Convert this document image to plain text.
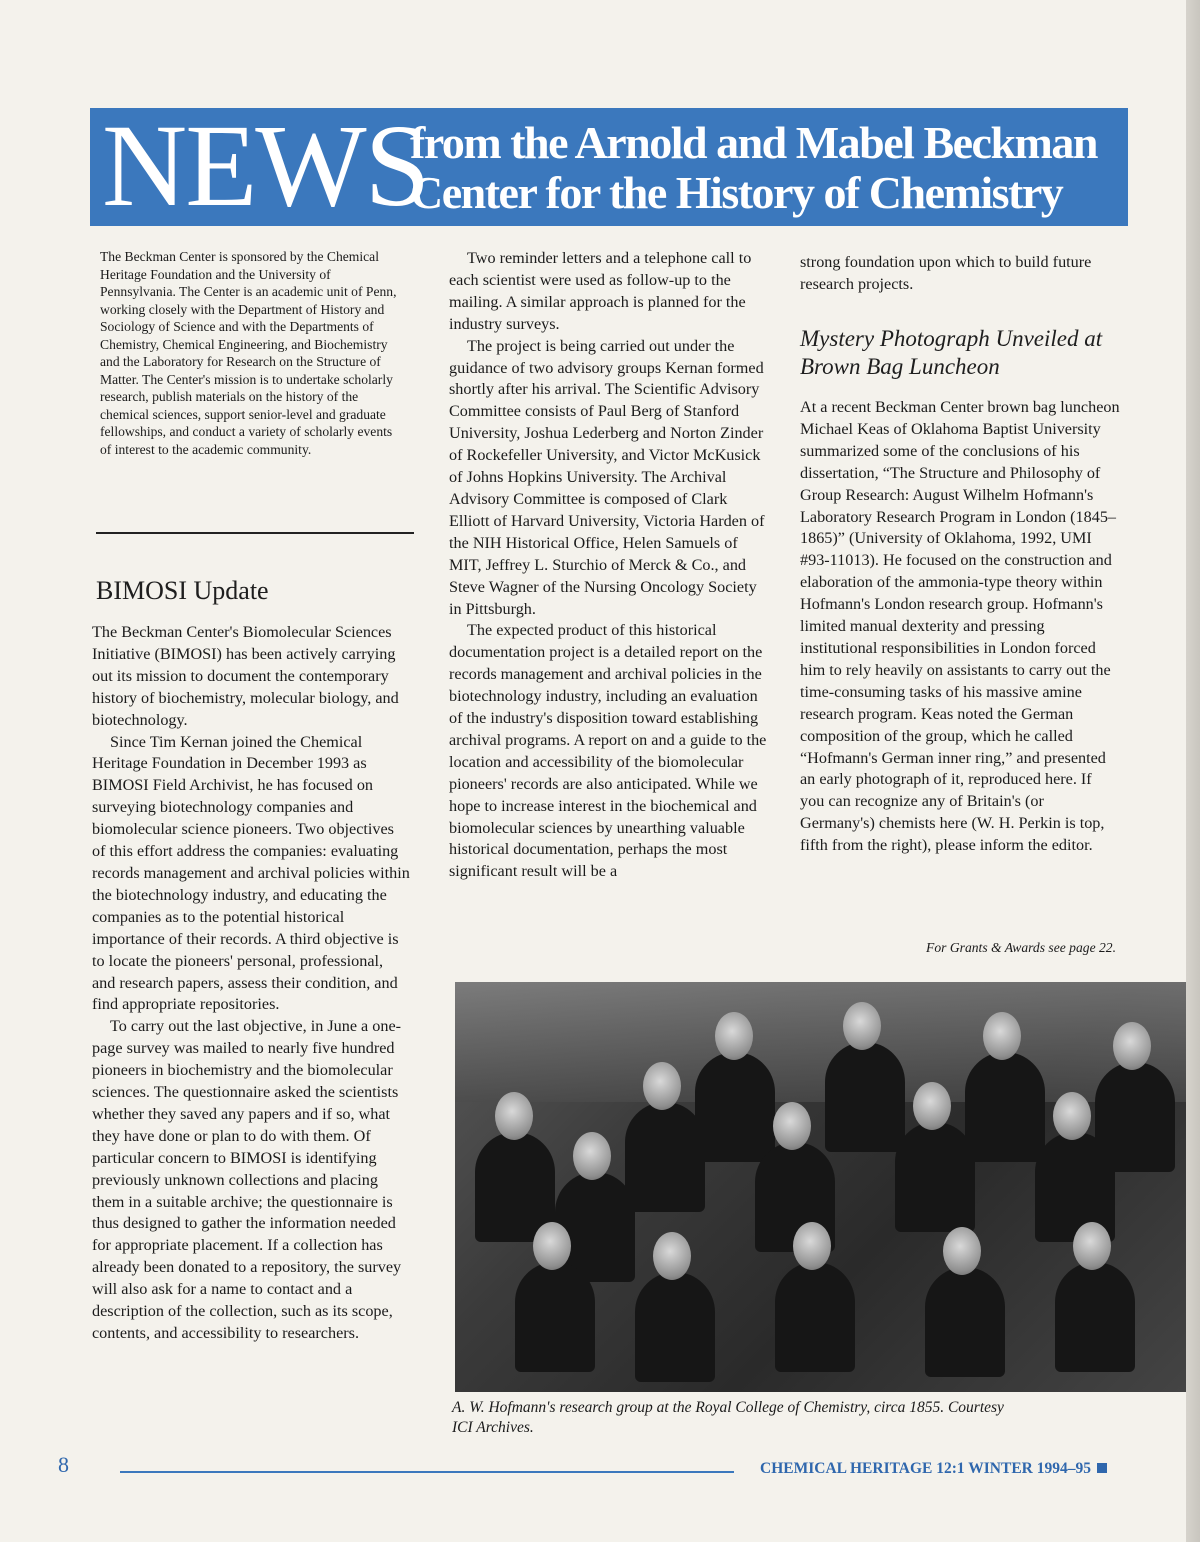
NEWS
from the Arnold and Mabel Beckman
Center for the History of Chemistry

The Beckman Center is sponsored by the Chemical Heritage Foundation and the University of Pennsylvania. The Center is an academic unit of Penn, working closely with the Department of History and Sociology of Science and with the Departments of Chemistry, Chemical Engineering, and Biochemistry and the Laboratory for Research on the Structure of Matter. The Center's mission is to undertake scholarly research, publish materials on the history of the chemical sciences, support senior-level and graduate fellowships, and conduct a variety of scholarly events of interest to the academic community.

BIMOSI Update

The Beckman Center's Biomolecular Sciences Initiative (BIMOSI) has been actively carrying out its mission to document the contemporary history of biochemistry, molecular biology, and biotechnology.

Since Tim Kernan joined the Chemical Heritage Foundation in December 1993 as BIMOSI Field Archivist, he has focused on surveying biotechnology companies and biomolecular science pioneers. Two objectives of this effort address the companies: evaluating records management and archival policies within the biotechnology industry, and educating the companies as to the potential historical importance of their records. A third objective is to locate the pioneers' personal, professional, and research papers, assess their condition, and find appropriate repositories.

To carry out the last objective, in June a one-page survey was mailed to nearly five hundred pioneers in biochemistry and the biomolecular sciences. The questionnaire asked the scientists whether they saved any papers and if so, what they have done or plan to do with them. Of particular concern to BIMOSI is identifying previously unknown collections and placing them in a suitable archive; the questionnaire is thus designed to gather the information needed for appropriate placement. If a collection has already been donated to a repository, the survey will also ask for a name to contact and a description of the collection, such as its scope, contents, and accessibility to researchers.

Two reminder letters and a telephone call to each scientist were used as follow-up to the mailing. A similar approach is planned for the industry surveys.

The project is being carried out under the guidance of two advisory groups Kernan formed shortly after his arrival. The Scientific Advisory Committee consists of Paul Berg of Stanford University, Joshua Lederberg and Norton Zinder of Rockefeller University, and Victor McKusick of Johns Hopkins University. The Archival Advisory Committee is composed of Clark Elliott of Harvard University, Victoria Harden of the NIH Historical Office, Helen Samuels of MIT, Jeffrey L. Sturchio of Merck & Co., and Steve Wagner of the Nursing Oncology Society in Pittsburgh.

The expected product of this historical documentation project is a detailed report on the records management and archival policies in the biotechnology industry, including an evaluation of the industry's disposition toward establishing archival programs. A report on and a guide to the location and accessibility of the biomolecular pioneers' records are also anticipated. While we hope to increase interest in the biochemical and biomolecular sciences by unearthing valuable historical documentation, perhaps the most significant result will be a

strong foundation upon which to build future research projects.

Mystery Photograph Unveiled at Brown Bag Luncheon

At a recent Beckman Center brown bag luncheon Michael Keas of Oklahoma Baptist University summarized some of the conclusions of his dissertation, “The Structure and Philosophy of Group Research: August Wilhelm Hofmann's Laboratory Research Program in London (1845–1865)” (University of Oklahoma, 1992, UMI #93-11013). He focused on the construction and elaboration of the ammonia-type theory within Hofmann's London research group. Hofmann's limited manual dexterity and pressing institutional responsibilities in London forced him to rely heavily on assistants to carry out the time-consuming tasks of his massive amine research program. Keas noted the German composition of the group, which he called “Hofmann's German inner ring,” and presented an early photograph of it, reproduced here. If you can recognize any of Britain's (or Germany's) chemists here (W. H. Perkin is top, fifth from the right), please inform the editor.

For Grants & Awards see page 22.
A. W. Hofmann's research group at the Royal College of Chemistry, circa 1855. Courtesy ICI Archives.
8	CHEMICAL HERITAGE 12:1 WINTER 1994–95
